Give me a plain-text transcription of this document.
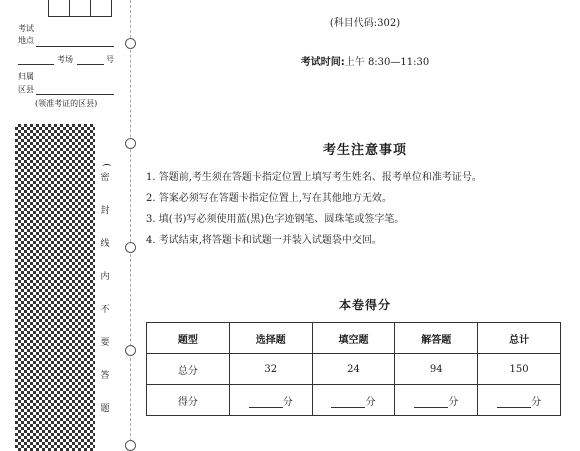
考试
地点
考场	号
归属
区县
(领准考证的区县)
(
密
封
线
内
不
要
答
题
(科目代码:302)
考试时间:上午 8:30—11:30
考生注意事项
1. 答题前,考生须在答题卡指定位置上填写考生姓名、报考单位和准考证号。
2. 答案必须写在答题卡指定位置上,写在其他地方无效。
3. 填(书)写必须使用蓝(黑)色字迹钢笔、圆珠笔或签字笔。
4. 考试结束,将答题卡和试题一并装入试题袋中交回。
本卷得分
题型	选择题	填空题	解答题	总计
总分	32	24	94	150
得分	分	分	分	分
